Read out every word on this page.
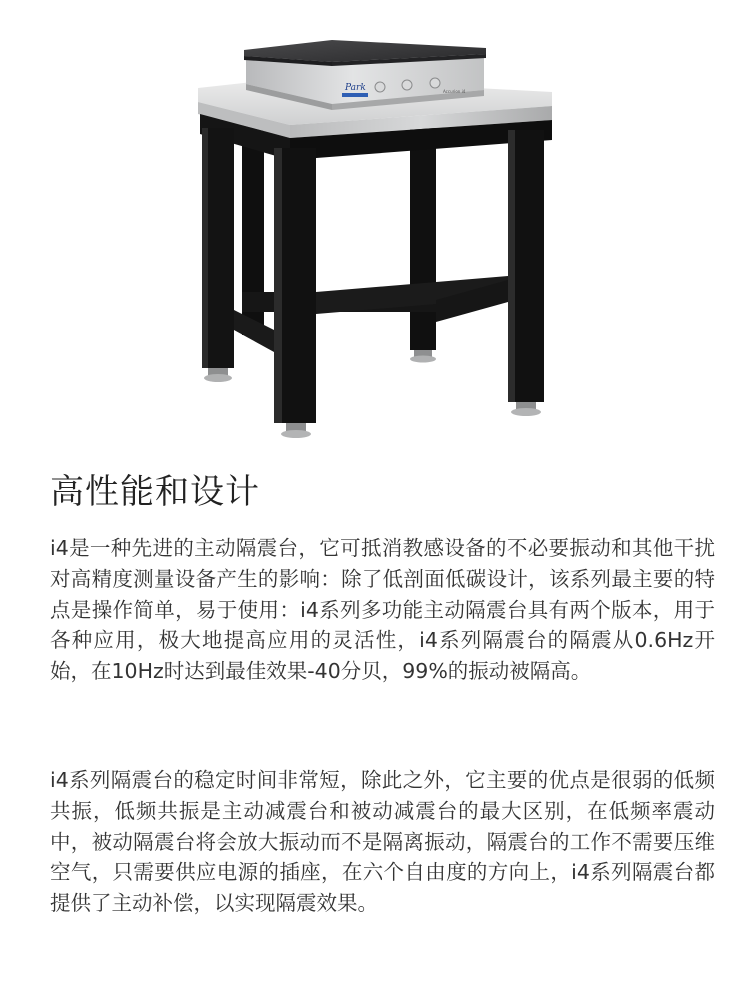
Park	Accurion i4
高性能和设计

i4是一种先进的主动隔震台，它可抵消教感设备的不必要振动和其他干扰对高精度测量设备产生的影响：除了低剖面低碳设计，该系列最主要的特点是操作简单，易于使用：i4系列多功能主动隔震台具有两个版本，用于各种应用，极大地提高应用的灵活性，i4系列隔震台的隔震从0.6Hz开始，在10Hz时达到最佳效果-40分贝，99%的振动被隔高。

i4系列隔震台的稳定时间非常短，除此之外，它主要的优点是很弱的低频共振，低频共振是主动减震台和被动减震台的最大区别，在低频率震动中，被动隔震台将会放大振动而不是隔离振动，隔震台的工作不需要压维空气，只需要供应电源的插座，在六个自由度的方向上，i4系列隔震台都提供了主动补偿，以实现隔震效果。
